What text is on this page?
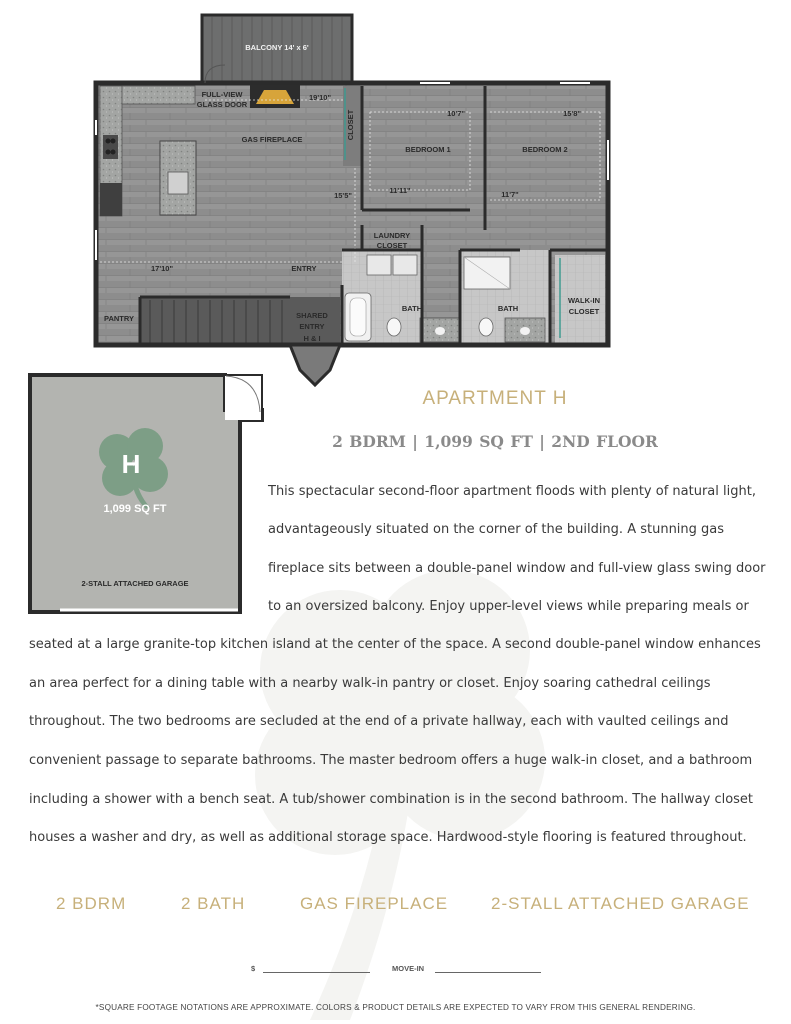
BALCONY 14' x 6'
FULL-VIEW
GLASS DOOR
GAS FIREPLACE	CLOSET
BEDROOM 1	BEDROOM 2
LAUNDRY
CLOSET
ENTRY
PANTRY	SHARED
ENTRY
H & I
BATH	BATH
WALK-IN
CLOSET
19'10"
15'5"
17'10"
10'7"
11'11"
15'8"
11'7"
H
1,099 SQ FT
2-STALL ATTACHED GARAGE
APARTMENT H
2 BDRM | 1,099 SQ FT | 2ND FLOOR
This spectacular second-floor apartment floods with plenty of natural light,
advantageously situated on the corner of the building. A stunning gas
fireplace sits between a double-panel window and full-view glass swing door
to an oversized balcony. Enjoy upper-level views while preparing meals or
seated at a large granite-top kitchen island at the center of the space. A second double-panel window enhances
an area perfect for a dining table with a nearby walk-in pantry or closet. Enjoy soaring cathedral ceilings
throughout. The two bedrooms are secluded at the end of a private hallway, each with vaulted ceilings and
convenient passage to separate bathrooms. The master bedroom offers a huge walk-in closet, and a bathroom
including a shower with a bench seat. A tub/shower combination is in the second bathroom. The hallway closet
houses a washer and dry, as well as additional storage space. Hardwood-style flooring is featured throughout.
2 BDRM	2 BATH	GAS FIREPLACE	2-STALL ATTACHED GARAGE
$	MOVE-IN
*SQUARE FOOTAGE NOTATIONS ARE APPROXIMATE. COLORS & PRODUCT DETAILS ARE EXPECTED TO VARY FROM THIS GENERAL RENDERING.
